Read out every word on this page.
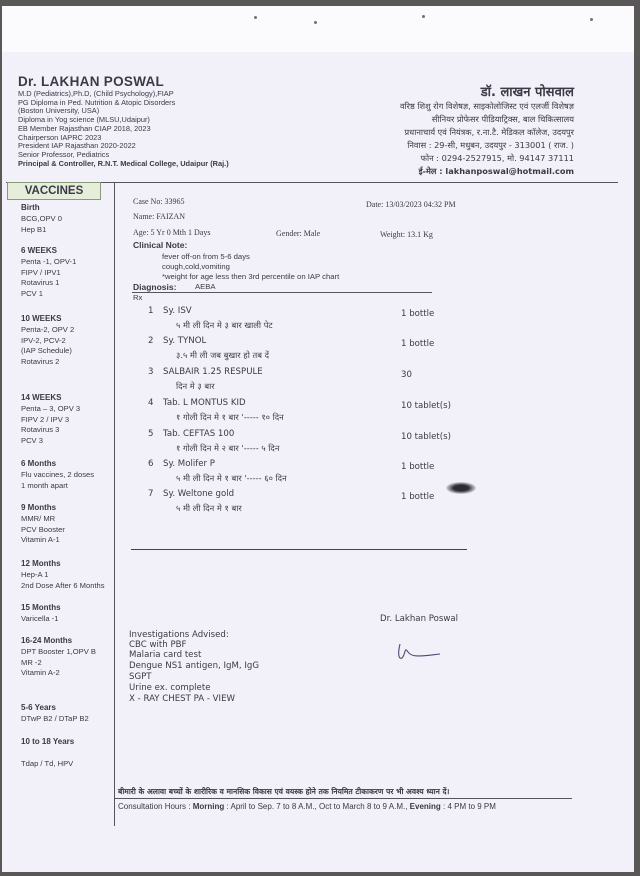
Dr. LAKHAN POSWAL
M.D (Pediatrics),Ph.D, (Child Psychology),FIAP
PG Diploma in Ped. Nutrition & Atopic Disorders
(Boston University, USA)
Diploma in Yog science (MLSU,Udaipur)
EB Member Rajasthan CIAP 2018, 2023
Chairperson IAPRC 2023
President IAP Rajasthan 2020-2022
Senior Professor, Pediatrics
Principal & Controller, R.N.T. Medical College, Udaipur (Raj.)
डॉ. लाखन पोसवाल
वरिष्ठ शिशु रोग विशेषज्ञ, साइकोलोजिस्ट एवं एलर्जी विशेषज्ञ
सीनियर प्रोफेसर पीडियाट्रिक्स, बाल चिकित्सालय
प्रधानाचार्य एवं नियंत्रक, र.ना.टै. मेडिकल कॉलेज, उदयपुर
निवास : 29-सी, मधुबन, उदयपुर - 313001 ( राज. )
फोन : 0294-2527915, मो. 94147 37111
ई-मेल : lakhanposwal@hotmail.com
VACCINES
Birth
BCG,OPV 0
Hep B1
6 WEEKS
Penta -1, OPV-1
FIPV / IPV1
Rotavirus 1
PCV 1
10 WEEKS
Penta-2, OPV 2
IPV-2, PCV-2
(IAP Schedule)
Rotavirus 2
14 WEEKS
Penta – 3, OPV 3
FIPV 2 / IPV 3
Rotavirus 3
PCV 3
6 Months
Flu vaccines, 2 doses
1 month apart
9 Months
MMR/ MR
PCV Booster
Vitamin A-1
12 Months
Hep-A 1
2nd Dose After 6 Months
15 Months
Varicella -1
16-24 Months
DPT Booster 1,OPV B
MR -2
Vitamin A-2
5-6 Years
DTwP B2 / DTaP B2
10 to 18 Years
Tdap / Td, HPV
Case No: 33965	Date: 13/03/2023 04:32 PM
Name: FAIZAN
Age: 5 Yr 0 Mth 1 Days	Gender: Male	Weight: 13.1 Kg
Clinical Note:
fever off-on from 5-6 days
cough,cold,vomiting
*weight for age less then 3rd percentile on IAP chart
Diagnosis: AEBA
Rx
1 Sy. ISV	1 bottle
५ मी ली दिन मे ३ बार खाली पेट
2 Sy. TYNOL	1 bottle
३.५ मी ली जब बुखार हो तब दें
3 SALBAIR 1.25 RESPULE	30
दिन मे ३ बार
4 Tab. L MONTUS KID	10 tablet(s)
१ गोली दिन मे १ बार '----- १० दिन
5 Tab. CEFTAS 100	10 tablet(s)
१ गोली दिन मे २ बार '----- ५ दिन
6 Sy. Molifer P	1 bottle
५ मी ली दिन मे १ बार '----- ६० दिन
7 Sy. Weltone gold	1 bottle
५ मी ली दिन मे १ बार
Dr. Lakhan Poswal
Investigations Advised:
CBC with PBF
Malaria card test
Dengue NS1 antigen, IgM, IgG
SGPT
Urine ex. complete
X - RAY CHEST PA - VIEW
बीमारी के अलावा बच्चों के शारीरिक व मानसिक विकास एवं वयस्क होने तक नियमित टीकाकरण पर भी अवश्य ध्यान दें।
Consultation Hours : Morning : April to Sep. 7 to 8 A.M., Oct to March 8 to 9 A.M., Evening : 4 PM to 9 PM
